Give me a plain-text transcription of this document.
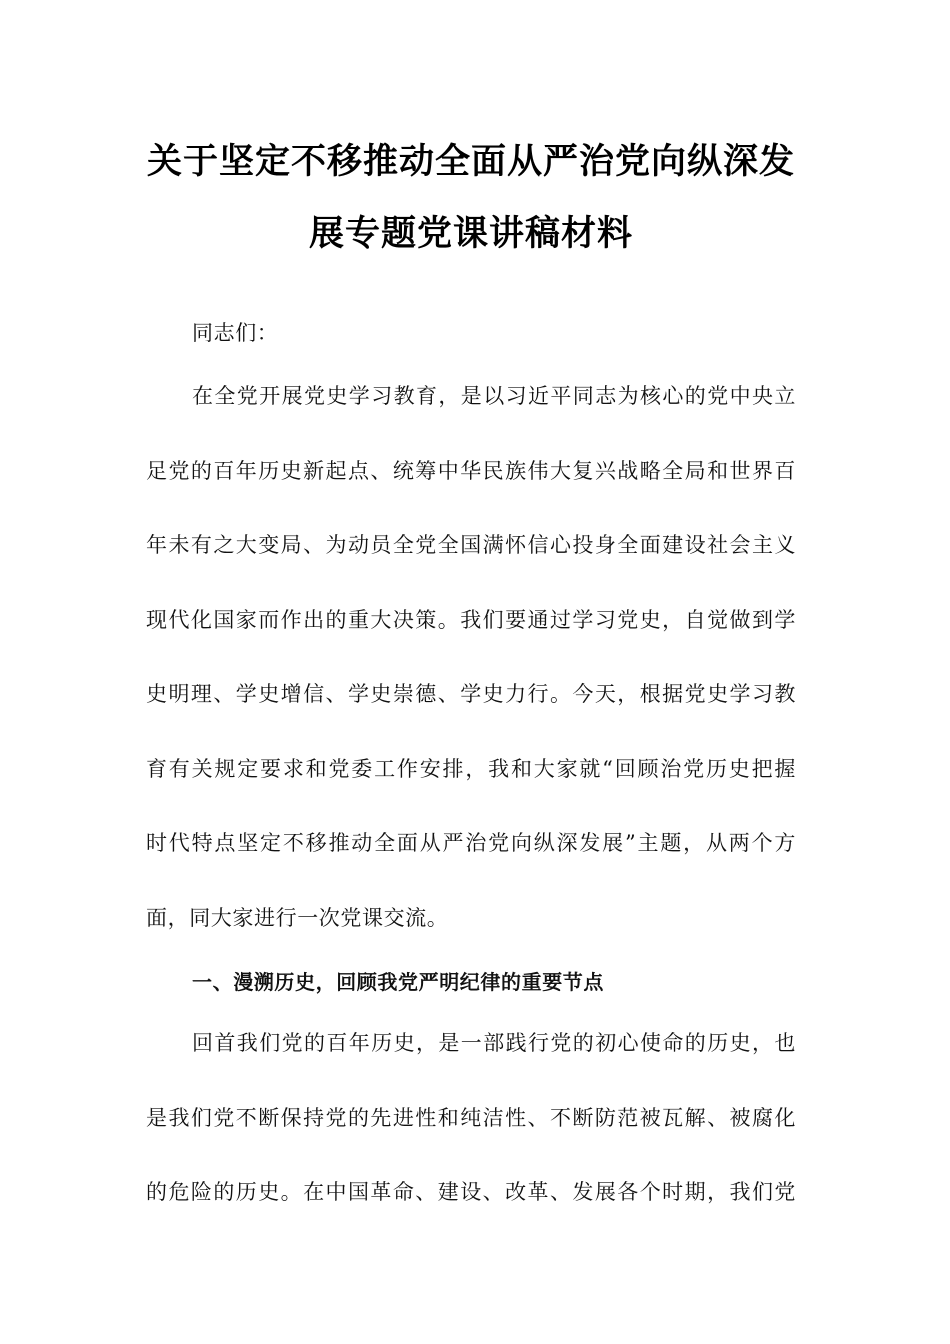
关于坚定不移推动全面从严治党向纵深发
展专题党课讲稿材料
同志们：
在全党开展党史学习教育，是以习近平同志为核心的党中央立
足党的百年历史新起点、统筹中华民族伟大复兴战略全局和世界百
年未有之大变局、为动员全党全国满怀信心投身全面建设社会主义
现代化国家而作出的重大决策。我们要通过学习党史，自觉做到学
史明理、学史增信、学史崇德、学史力行。今天，根据党史学习教
育有关规定要求和党委工作安排，我和大家就“回顾治党历史把握
时代特点坚定不移推动全面从严治党向纵深发展”主题，从两个方
面，同大家进行一次党课交流。
一、漫溯历史，回顾我党严明纪律的重要节点
回首我们党的百年历史，是一部践行党的初心使命的历史，也
是我们党不断保持党的先进性和纯洁性、不断防范被瓦解、被腐化
的危险的历史。在中国革命、建设、改革、发展各个时期，我们党
